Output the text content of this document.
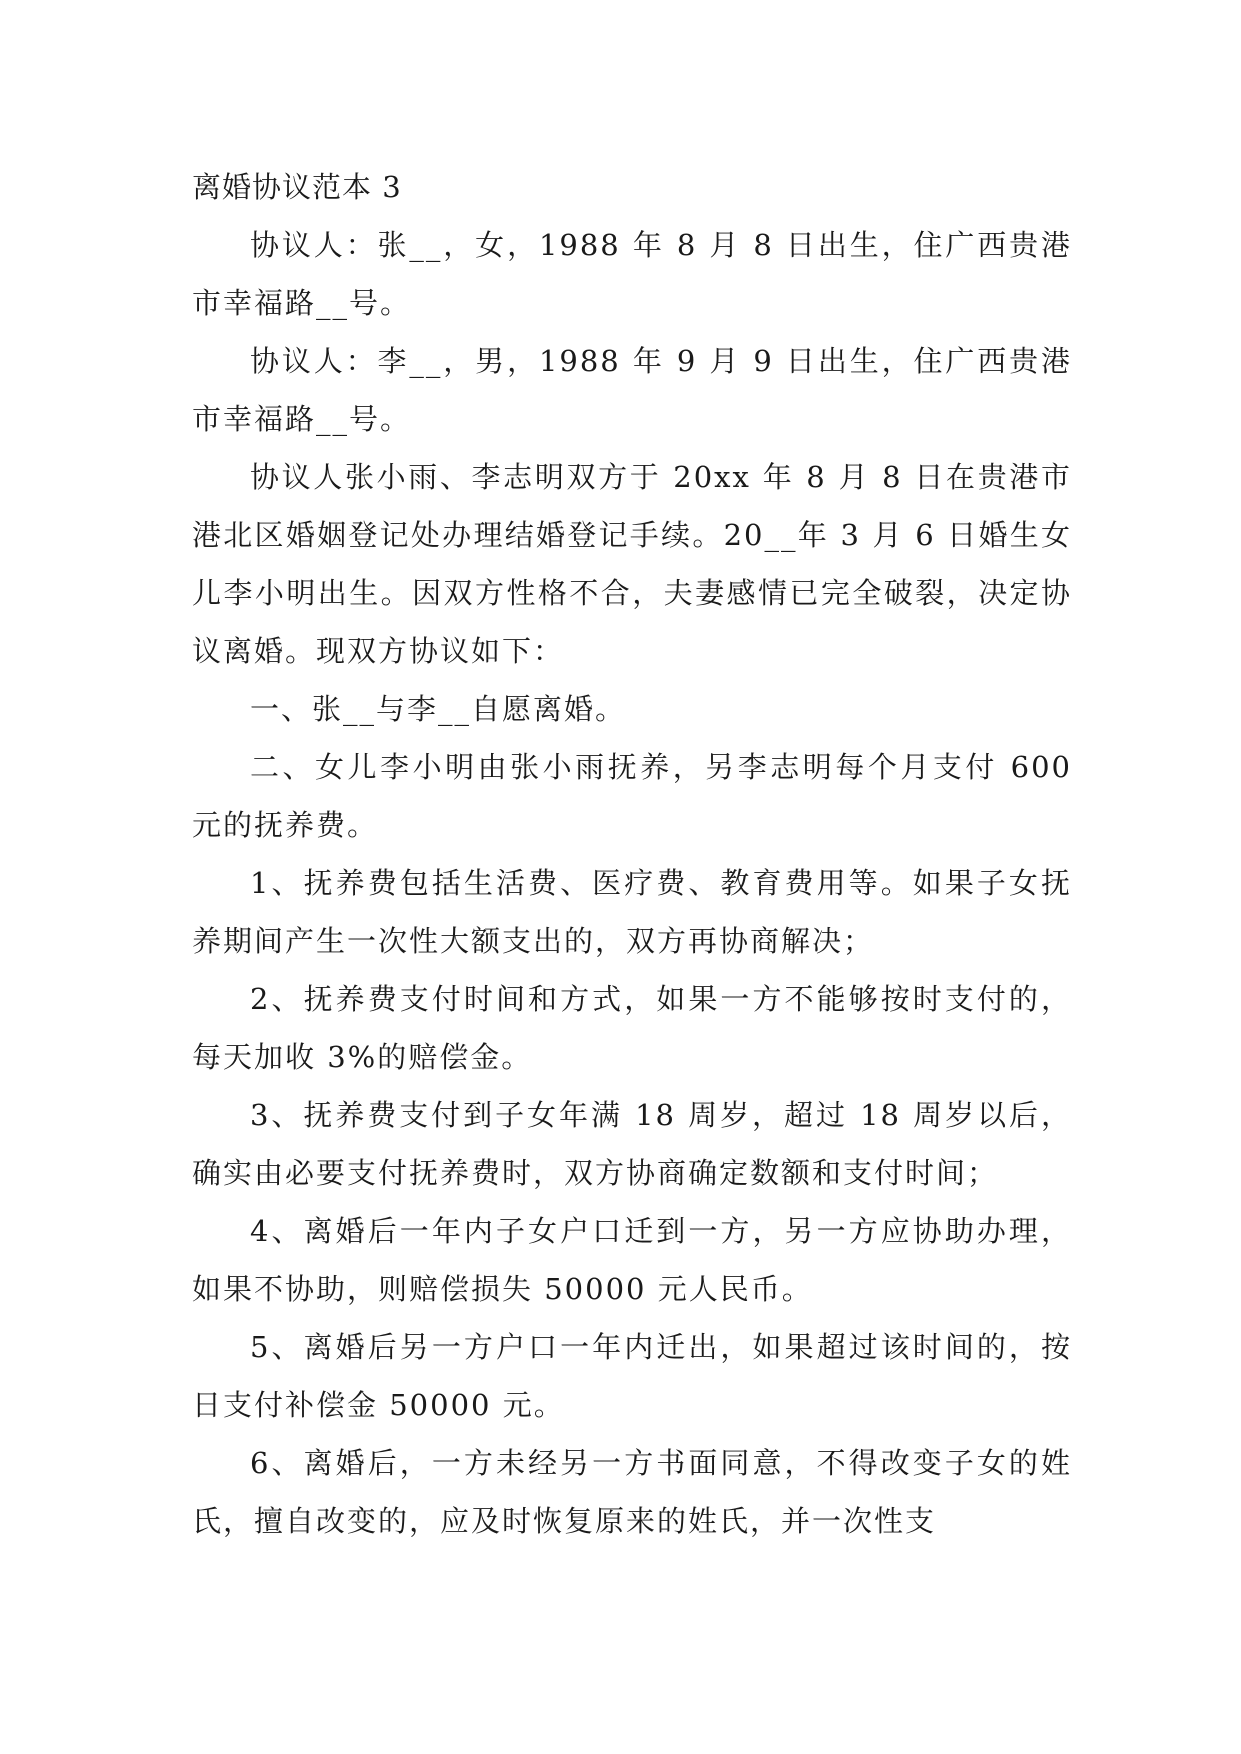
离婚协议范本 3

协议人：张__，女，1988 年 8 月 8 日出生，住广西贵港市幸福路__号。

协议人：李__，男，1988 年 9 月 9 日出生，住广西贵港市幸福路__号。

协议人张小雨、李志明双方于 20xx 年 8 月 8 日在贵港市港北区婚姻登记处办理结婚登记手续。20__年 3 月 6 日婚生女儿李小明出生。因双方性格不合，夫妻感情已完全破裂，决定协议离婚。现双方协议如下：

一、张__与李__自愿离婚。

二、女儿李小明由张小雨抚养，另李志明每个月支付 600 元的抚养费。

1、抚养费包括生活费、医疗费、教育费用等。如果子女抚养期间产生一次性大额支出的，双方再协商解决；

2、抚养费支付时间和方式，如果一方不能够按时支付的，每天加收 3%的赔偿金。

3、抚养费支付到子女年满 18 周岁，超过 18 周岁以后，确实由必要支付抚养费时，双方协商确定数额和支付时间；

4、离婚后一年内子女户口迁到一方，另一方应协助办理，如果不协助，则赔偿损失 50000 元人民币。

5、离婚后另一方户口一年内迁出，如果超过该时间的，按日支付补偿金 50000 元。

6、离婚后，一方未经另一方书面同意，不得改变子女的姓氏，擅自改变的，应及时恢复原来的姓氏，并一次性支
